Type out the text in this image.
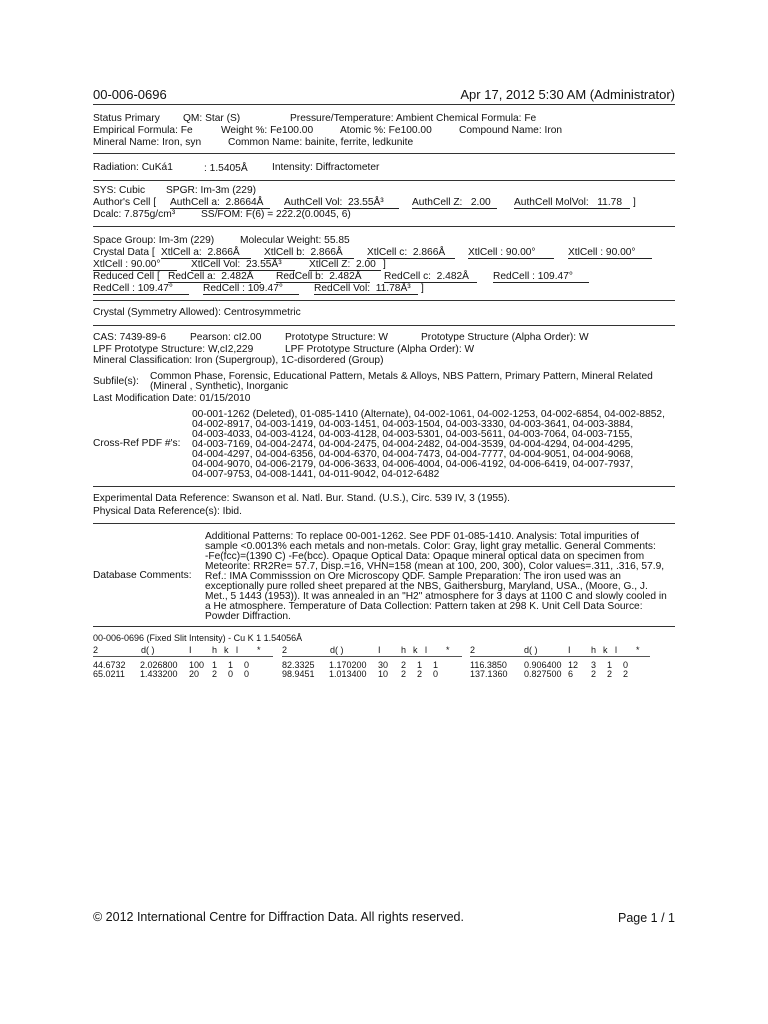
00-006-0696	Apr 17, 2012 5:30 AM (Administrator)
Status Primary QM: Star (S)	Pressure/Temperature: Ambient Chemical Formula: Fe
Empirical Formula: Fe	Weight %: Fe100.00	Atomic %: Fe100.00	Compound Name: Iron
Mineral Name: Iron, syn	Common Name: bainite, ferrite, ledkunite
Radiation: CuKá1	: 1.5405Å Intensity: Diffractometer
SYS: Cubic SPGR: Im-3m (229)
Author's Cell [ AuthCell a: 2.8664Å	AuthCell Vol: 23.55Å³	AuthCell Z: 2.00	AuthCell MolVol: 11.78	]
Dcalc: 7.875g/cm³	SS/FOM: F(6) = 222.2(0.0045, 6)
Space Group: Im-3m (229)	Molecular Weight: 55.85
Crystal Data [ XtlCell a: 2.866Å	XtlCell b: 2.866Å	XtlCell c: 2.866Å	XtlCell : 90.00°	XtlCell : 90.00°
XtlCell : 90.00°	XtlCell Vol: 23.55Å³	XtlCell Z: 2.00 ]
Reduced Cell [ RedCell a: 2.482Å	RedCell b: 2.482Å	RedCell c: 2.482Å	RedCell : 109.47°
RedCell : 109.47°	RedCell : 109.47°	RedCell Vol: 11.78Å³	]
Crystal (Symmetry Allowed): Centrosymmetric
CAS: 7439-89-6 Pearson: cI2.00 Prototype Structure: W	Prototype Structure (Alpha Order): W
LPF Prototype Structure: W,cI2,229	LPF Prototype Structure (Alpha Order): W
Mineral Classification: Iron (Supergroup), 1C-disordered (Group)
Subfile(s): Common Phase, Forensic, Educational Pattern, Metals & Alloys, NBS Pattern, Primary Pattern, Mineral Related
(Mineral , Synthetic), Inorganic
Last Modification Date: 01/15/2010
Cross-Ref PDF #'s:
00-001-1262 (Deleted), 01-085-1410 (Alternate), 04-002-1061, 04-002-1253, 04-002-6854, 04-002-8852,
04-002-8917, 04-003-1419, 04-003-1451, 04-003-1504, 04-003-3330, 04-003-3641, 04-003-3884,
04-003-4033, 04-003-4124, 04-003-4128, 04-003-5301, 04-003-5611, 04-003-7064, 04-003-7155,
04-003-7169, 04-004-2474, 04-004-2475, 04-004-2482, 04-004-3539, 04-004-4294, 04-004-4295,
04-004-4297, 04-004-6356, 04-004-6370, 04-004-7473, 04-004-7777, 04-004-9051, 04-004-9068,
04-004-9070, 04-006-2179, 04-006-3633, 04-006-4004, 04-006-4192, 04-006-6419, 04-007-7937,
04-007-9753, 04-008-1441, 04-011-9042, 04-012-6482
Experimental Data Reference: Swanson et al. Natl. Bur. Stand. (U.S.), Circ. 539 IV, 3 (1955).
Physical Data Reference(s): Ibid.
Database Comments:
Additional Patterns: To replace 00-001-1262. See PDF 01-085-1410. Analysis: Total impurities of
sample <0.0013% each metals and non-metals. Color: Gray, light gray metallic. General Comments:
-Fe(fcc)=(1390 C) -Fe(bcc). Opaque Optical Data: Opaque mineral optical data on specimen from
Meteorite: RR2Re= 57.7, Disp.=16, VHN=158 (mean at 100, 200, 300), Color values=.311, .316, 57.9,
Ref.: IMA Commisssion on Ore Microscopy QDF. Sample Preparation: The iron used was an
exceptionally pure rolled sheet prepared at the NBS, Gaithersburg, Maryland, USA., (Moore, G., J.
Met., 5 1443 (1953)). It was annealed in an "H2" atmosphere for 3 days at 1100 C and slowly cooled in
a He atmosphere. Temperature of Data Collection: Pattern taken at 298 K. Unit Cell Data Source:
Powder Diffraction.
00-006-0696 (Fixed Slit Intensity) - Cu K 1 1.54056Å
2	d( )	I h k l *
44.6732 2.026800 100 1 1 0
65.0211 1.433200 20 2 0 0
2	d( )	I h k l *
82.3325 1.170200 30 2 1 1
98.9451 1.013400 10 2 2 0
2	d( )	I h k l *
116.3850 0.906400 12 3 1 0
137.1360 0.827500 6 2 2 2
© 2012 International Centre for Diffraction Data. All rights reserved.	Page 1 / 1
